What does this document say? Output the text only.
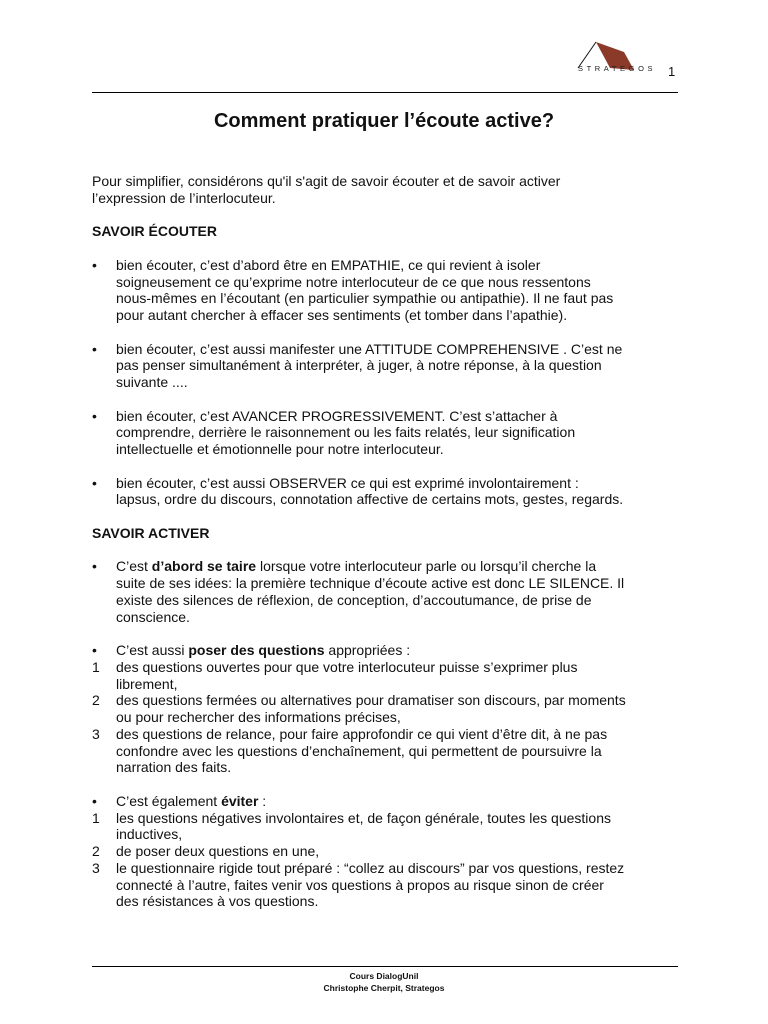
STRATEGOS 1
Comment pratiquer l’écoute active?
Pour simplifier, considérons qu'il s'agit de savoir écouter et de savoir activer
l’expression de l’interlocuteur.
SAVOIR ÉCOUTER
• bien écouter, c’est d’abord être en EMPATHIE, ce qui revient à isoler
soigneusement ce qu’exprime notre interlocuteur de ce que nous ressentons
nous-mêmes en l’écoutant (en particulier sympathie ou antipathie). Il ne faut pas
pour autant chercher à effacer ses sentiments (et tomber dans l’apathie).
• bien écouter, c’est aussi manifester une ATTITUDE COMPREHENSIVE . C’est ne
pas penser simultanément à interpréter, à juger, à notre réponse, à la question
suivante ....
• bien écouter, c’est AVANCER PROGRESSIVEMENT. C’est s’attacher à
comprendre, derrière le raisonnement ou les faits relatés, leur signification
intellectuelle et émotionnelle pour notre interlocuteur.
• bien écouter, c’est aussi OBSERVER ce qui est exprimé involontairement :
lapsus, ordre du discours, connotation affective de certains mots, gestes, regards.
SAVOIR ACTIVER
• C’est d’abord se taire lorsque votre interlocuteur parle ou lorsqu’il cherche la
suite de ses idées: la première technique d’écoute active est donc LE SILENCE. Il
existe des silences de réflexion, de conception, d’accoutumance, de prise de
conscience.
• C’est aussi poser des questions appropriées :
1 des questions ouvertes pour que votre interlocuteur puisse s’exprimer plus
librement,
2 des questions fermées ou alternatives pour dramatiser son discours, par moments
ou pour rechercher des informations précises,
3 des questions de relance, pour faire approfondir ce qui vient d’être dit, à ne pas
confondre avec les questions d’enchaînement, qui permettent de poursuivre la
narration des faits.
• C’est également éviter :
1 les questions négatives involontaires et, de façon générale, toutes les questions
inductives,
2 de poser deux questions en une,
3 le questionnaire rigide tout préparé : “collez au discours” par vos questions, restez
connecté à l’autre, faites venir vos questions à propos au risque sinon de créer
des résistances à vos questions.
Cours DialogUnil
Christophe Cherpit, Strategos
